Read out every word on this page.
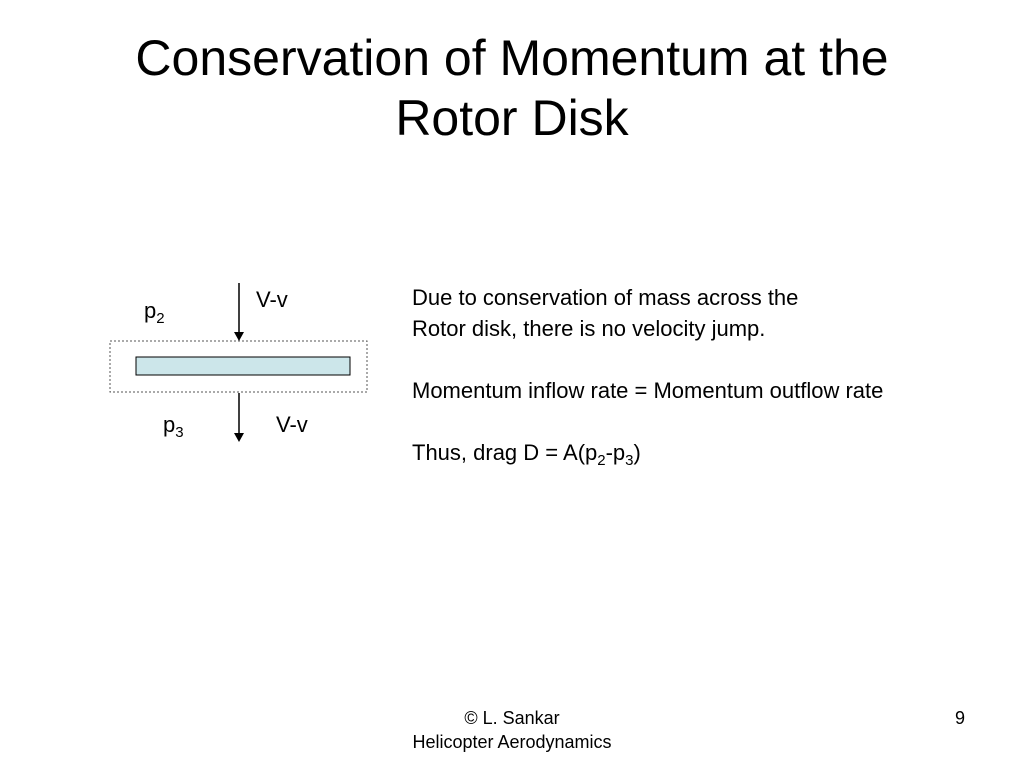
Conservation of Momentum at the
Rotor Disk
$p_2$
V-v
$p_3$	V-v

Due to conservation of mass across the

Rotor disk, there is no velocity jump.

Momentum inflow rate = Momentum outflow rate

Thus, drag $D = A(p_2-p_3)$

© L. Sankar
Helicopter Aerodynamics
9
